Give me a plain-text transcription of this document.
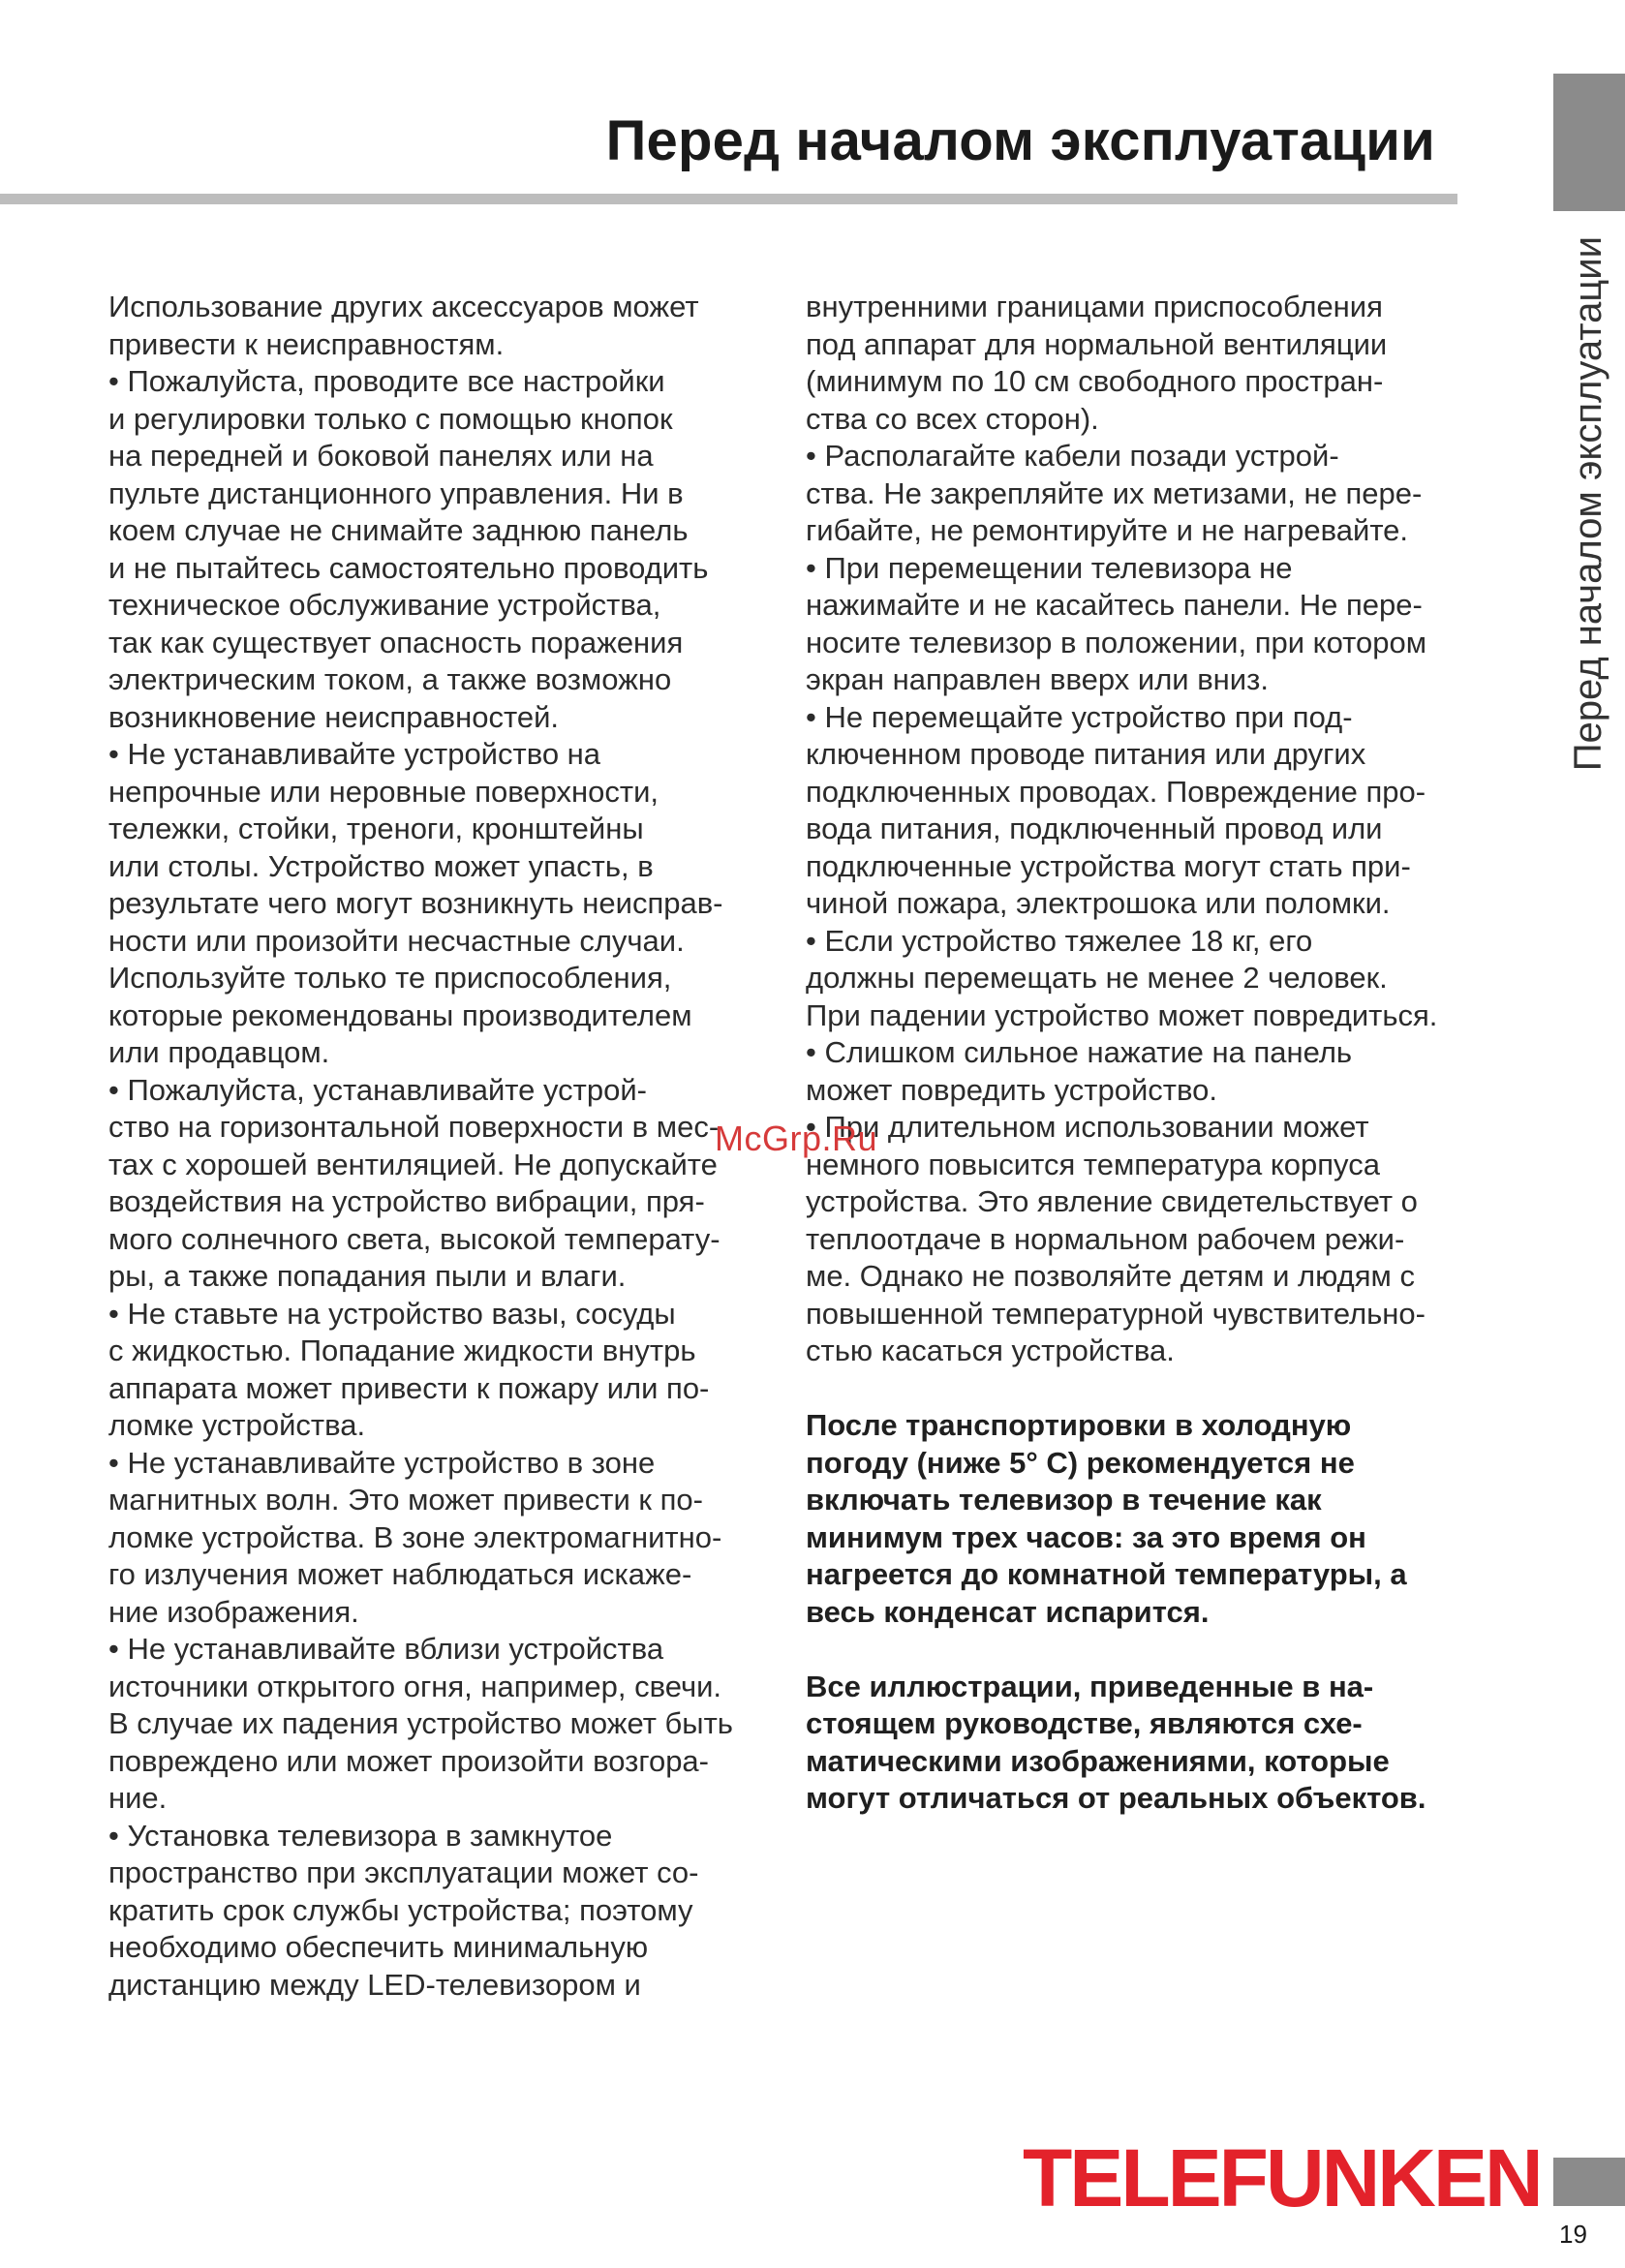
Перед началом эксплуатации
Перед началом эксплуатации
Использование других аксессуаров может
привести к неисправностям.
• Пожалуйста, проводите все настройки
и регулировки только с помощью кнопок
на передней и боковой панелях или на
пульте дистанционного управления. Ни в
коем случае не снимайте заднюю панель
и не пытайтесь самостоятельно проводить
техническое обслуживание устройства,
так как существует опасность поражения
электрическим током, а также возможно
возникновение неисправностей.
• Не устанавливайте устройство на
непрочные или неровные поверхности,
тележки, стойки, треноги, кронштейны
или столы. Устройство может упасть, в
результате чего могут возникнуть неисправ-
ности или произойти несчастные случаи.
Используйте только те приспособления,
которые рекомендованы производителем
или продавцом.
• Пожалуйста, устанавливайте устрой-
ство на горизонтальной поверхности в мес-
тах с хорошей вентиляцией. Не допускайте
воздействия на устройство вибрации, пря-
мого солнечного света, высокой температу-
ры, а также попадания пыли и влаги.
• Не ставьте на устройство вазы, сосуды
с жидкостью. Попадание жидкости внутрь
аппарата может привести к пожару или по-
ломке устройства.
• Не устанавливайте устройство в зоне
магнитных волн. Это может привести к по-
ломке устройства. В зоне электромагнитно-
го излучения может наблюдаться искаже-
ние изображения.
• Не устанавливайте вблизи устройства
источники открытого огня, например, свечи.
В случае их падения устройство может быть
повреждено или может произойти возгора-
ние.
• Установка телевизора в замкнутое
пространство при эксплуатации может со-
кратить срок службы устройства; поэтому
необходимо обеспечить минимальную
дистанцию между LED-телевизором и
внутренними границами приспособления
под аппарат для нормальной вентиляции
(минимум по 10 см свободного простран-
ства со всех сторон).
• Располагайте кабели позади устрой-
ства. Не закрепляйте их метизами, не пере-
гибайте, не ремонтируйте и не нагревайте.
• При перемещении телевизора не
нажимайте и не касайтесь панели. Не пере-
носите телевизор в положении, при котором
экран направлен вверх или вниз.
• Не перемещайте устройство при под-
ключенном проводе питания или других
подключенных проводах. Повреждение про-
вода питания, подключенный провод или
подключенные устройства могут стать при-
чиной пожара, электрошока или поломки.
• Если устройство тяжелее 18 кг, его
должны перемещать не менее 2 человек.
При падении устройство может повредиться.
• Слишком сильное нажатие на панель
может повредить устройство.
• При длительном использовании может
немного повысится температура корпуса
устройства. Это явление свидетельствует о
теплоотдаче в нормальном рабочем режи-
ме. Однако не позволяйте детям и людям с
повышенной температурной чувствительно-
стью касаться устройства.
После транспортировки в холодную
погоду (ниже 5° С) рекомендуется не
включать телевизор в течение как
минимум трех часов: за это время он
нагреется до комнатной температуры, а
весь конденсат испарится.
Все иллюстрации, приведенные в на-
стоящем руководстве, являются схе-
матическими изображениями, которые
могут отличаться от реальных объектов.
McGrp.Ru
TELEFUNKEN
19
